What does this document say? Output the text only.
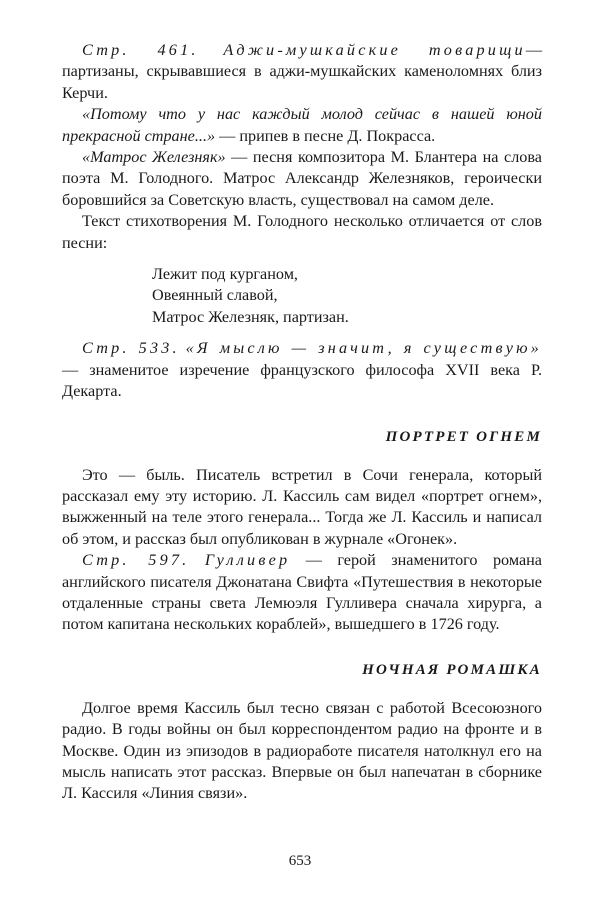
Стр. 461. Аджи-мушкайские товарищи— партизаны, скрывавшиеся в аджи-мушкайских каменоломнях близ Керчи.

«Потому что у нас каждый молод сейчас в нашей юной прекрасной стране...» — припев в песне Д. Покрасса.

«Матрос Железняк» — песня композитора М. Блантера на слова поэта М. Голодного. Матрос Александр Железняков, героически боровшийся за Советскую власть, существовал на самом деле.

Текст стихотворения М. Голодного несколько отличается от слов песни:

Лежит под курганом,
Овеянный славой,
Матрос Железняк, партизан.

Стр. 533. «Я мыслю — значит, я существую» — знаменитое изречение французского философа XVII века Р. Декарта.

ПОРТРЕТ ОГНЕМ

Это — быль. Писатель встретил в Сочи генерала, который рассказал ему эту историю. Л. Кассиль сам видел «портрет огнем», выжженный на теле этого генерала... Тогда же Л. Кассиль и написал об этом, и рассказ был опубликован в журнале «Огонек».

Стр. 597. Гулливер — герой знаменитого романа английского писателя Джонатана Свифта «Путешествия в некоторые отдаленные страны света Лемюэля Гулливера сначала хирурга, а потом капитана нескольких кораблей», вышедшего в 1726 году.

НОЧНАЯ РОМАШКА

Долгое время Кассиль был тесно связан с работой Всесоюзного радио. В годы войны он был корреспондентом радио на фронте и в Москве. Один из эпизодов в радиоработе писателя натолкнул его на мысль написать этот рассказ. Впервые он был напечатан в сборнике Л. Кассиля «Линия связи».

653
